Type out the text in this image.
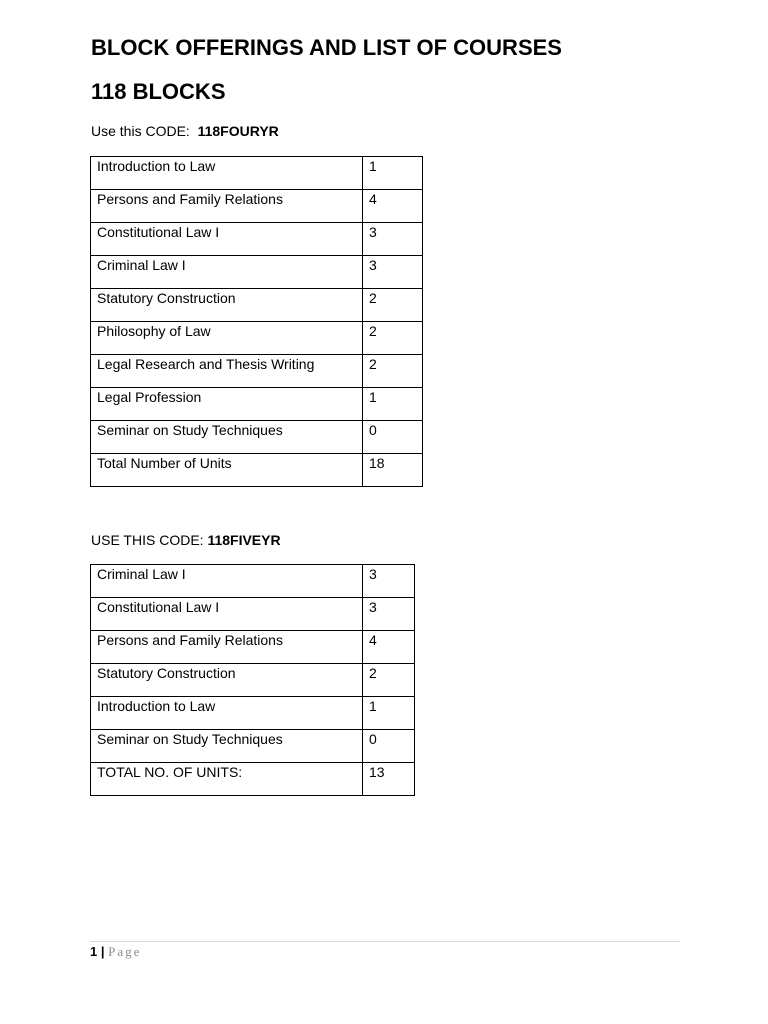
BLOCK OFFERINGS AND LIST OF COURSES
118 BLOCKS
Use this CODE:  118FOURYR
Introduction to Law	1
Persons and Family Relations	4
Constitutional Law I	3
Criminal Law I	3
Statutory Construction	2
Philosophy of Law	2
Legal Research and Thesis Writing	2
Legal Profession	1
Seminar on Study Techniques	0
Total Number of Units	18
USE THIS CODE: 118FIVEYR
Criminal Law I	3
Constitutional Law I	3
Persons and Family Relations	4
Statutory Construction	2
Introduction to Law	1
Seminar on Study Techniques	0
TOTAL NO. OF UNITS:	13
1 | Page
